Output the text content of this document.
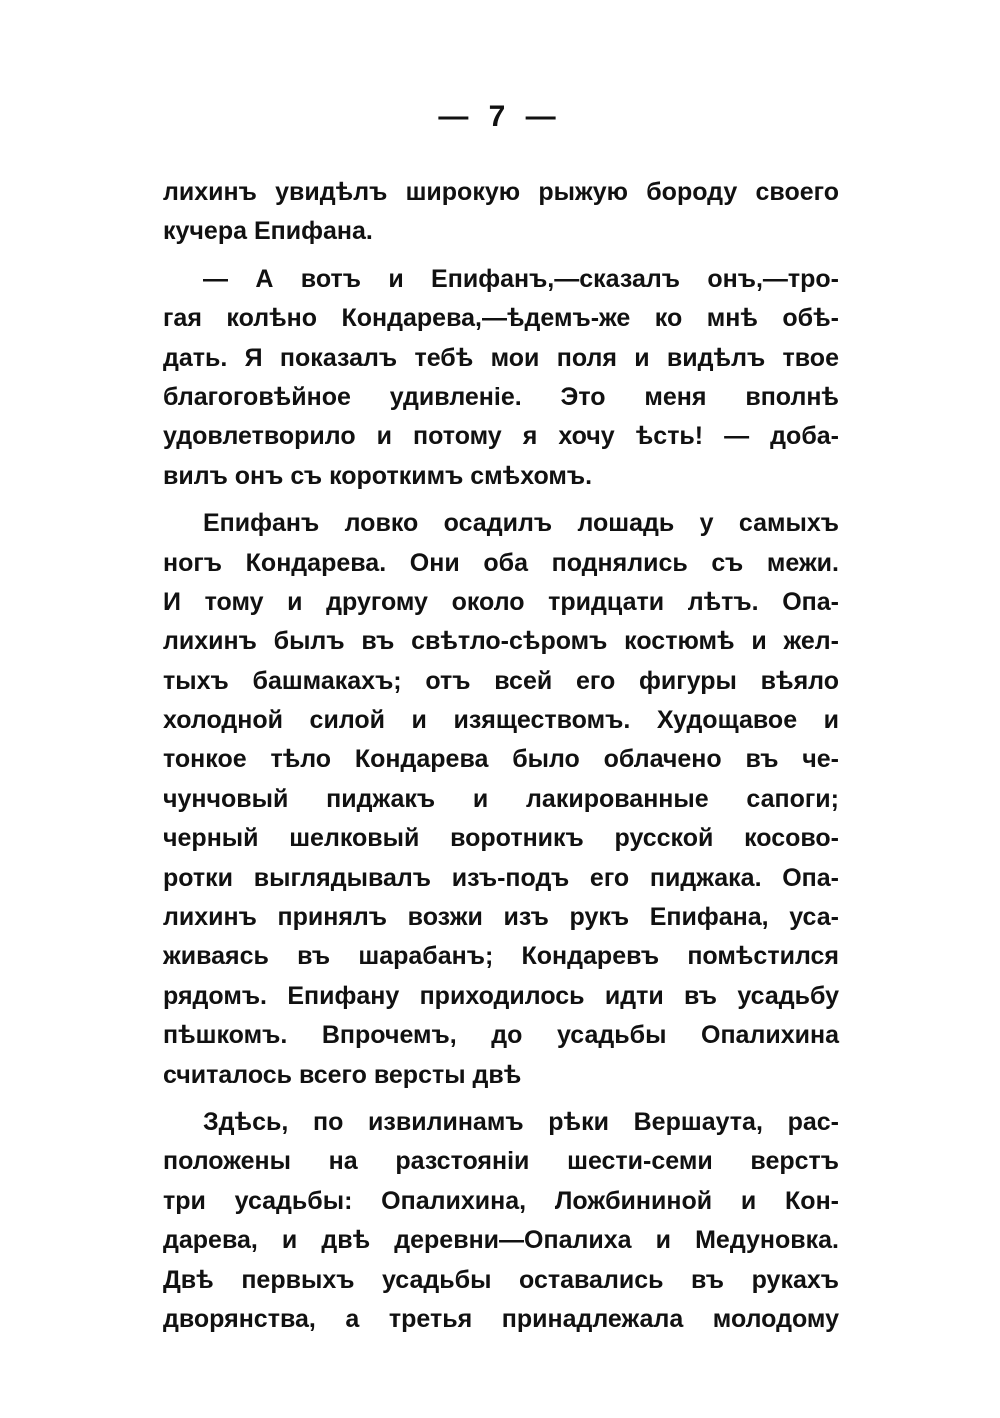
— 7 —
лихинъ увидѣлъ широкую рыжую бороду своего
кучера Епифана.
— А вотъ и Епифанъ,—сказалъ онъ,—тро-
гая колѣно Кондарева,—ѣдемъ-же ко мнѣ обѣ-
дать. Я показалъ тебѣ мои поля и видѣлъ твое
благоговѣйное удивленіе. Это меня вполнѣ
удовлетворило и потому я хочу ѣсть! — доба-
вилъ онъ съ короткимъ смѣхомъ.
Епифанъ ловко осадилъ лошадь у самыхъ
ногъ Кондарева. Они оба поднялись съ межи.
И тому и другому около тридцати лѣтъ. Опа-
лихинъ былъ въ свѣтло-сѣромъ костюмѣ и жел-
тыхъ башмакахъ; отъ всей его фигуры вѣяло
холодной силой и изяществомъ. Худощавое и
тонкое тѣло Кондарева было облачено въ че-
чунчовый пиджакъ и лакированные сапоги;
черный шелковый воротникъ русской косово-
ротки выглядывалъ изъ-подъ его пиджака. Опа-
лихинъ принялъ возжи изъ рукъ Епифана, уса-
живаясь въ шарабанъ; Кондаревъ помѣстился
рядомъ. Епифану приходилось идти въ усадьбу
пѣшкомъ. Впрочемъ, до усадьбы Опалихина
считалось всего версты двѣ
Здѣсь, по извилинамъ рѣки Вершаута, рас-
положены на разстояніи шести-семи верстъ
три усадьбы: Опалихина, Ложбининой и Кон-
дарева, и двѣ деревни—Опалиха и Медуновка.
Двѣ первыхъ усадьбы оставались въ рукахъ
дворянства, а третья принадлежала молодому
